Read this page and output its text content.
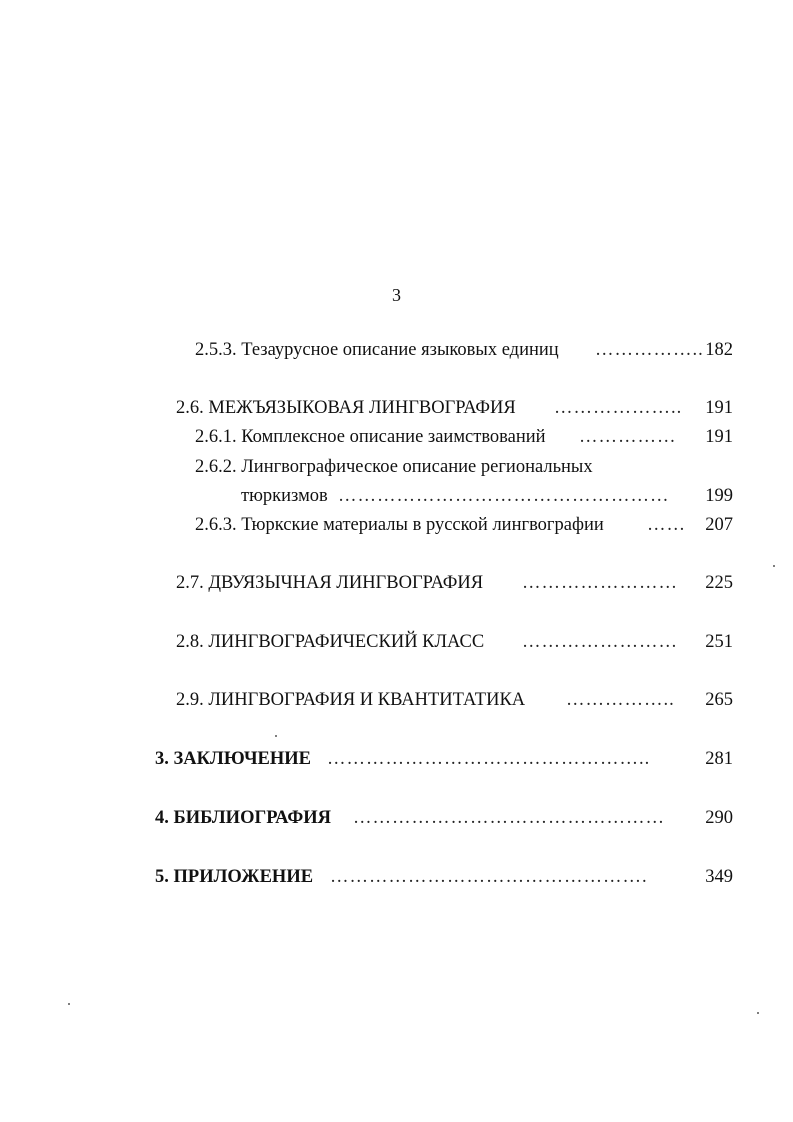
3
2.5.3. Тезаурусное описание языковых единиц …………….. 182
2.6. МЕЖЪЯЗЫКОВАЯ ЛИНГВОГРАФИЯ ………………..	191
2.6.1. Комплексное описание заимствований ……………	191
2.6.2. Лингвографическое описание региональных
тюркизмов ……………………………………………	199
2.6.3. Тюркские материалы в русской лингвографии ……	207
2.7. ДВУЯЗЫЧНАЯ ЛИНГВОГРАФИЯ ……………………	225
2.8. ЛИНГВОГРАФИЧЕСКИЙ КЛАСС ……………………	251
2.9. ЛИНГВОГРАФИЯ И КВАНТИТАТИКА ……………..	265
3. ЗАКЛЮЧЕНИЕ …………………………………………..	281
4. БИБЛИОГРАФИЯ …………………………………………	290
5. ПРИЛОЖЕНИЕ ………………………………………….	349
